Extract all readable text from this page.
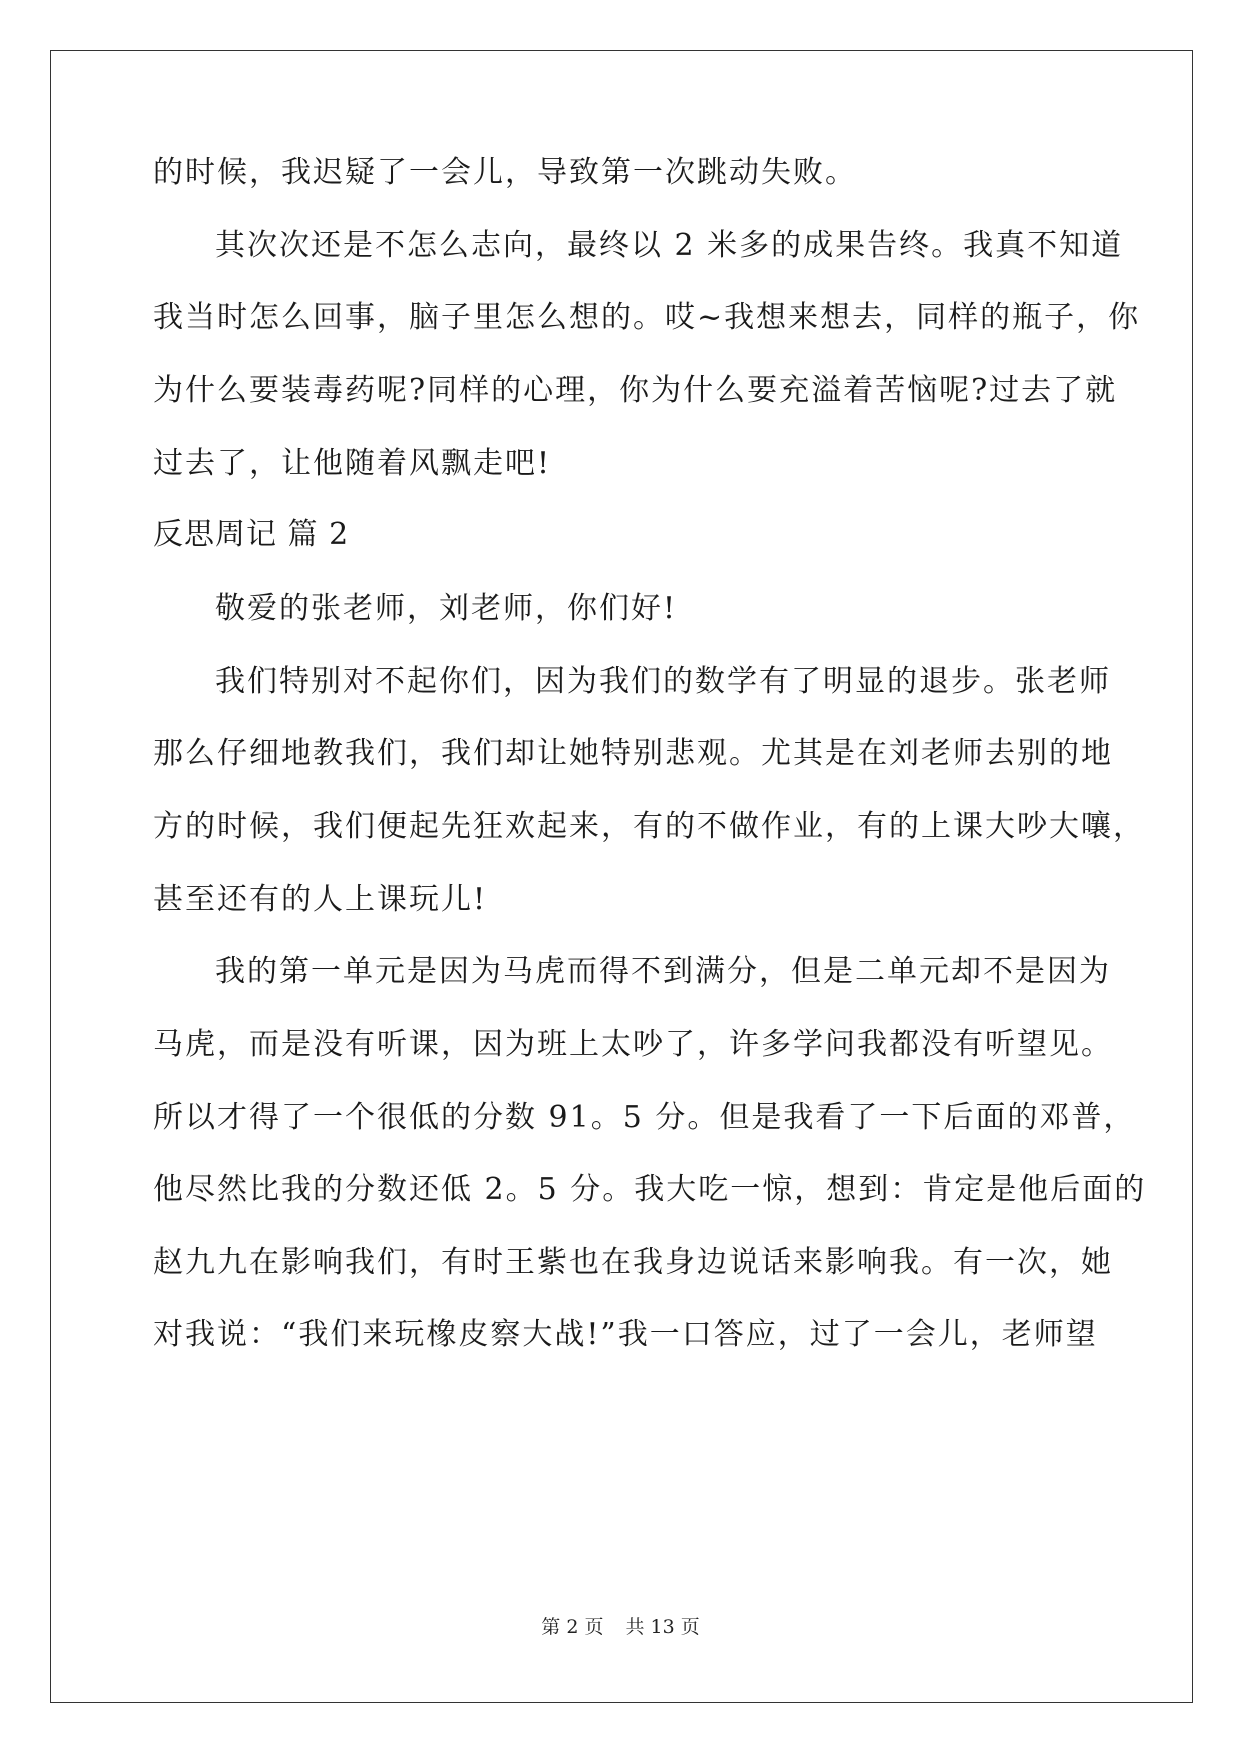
的时候，我迟疑了一会儿，导致第一次跳动失败。
其次次还是不怎么志向，最终以 2 米多的成果告终。我真不知道
我当时怎么回事，脑子里怎么想的。哎~我想来想去，同样的瓶子，你
为什么要装毒药呢?同样的心理，你为什么要充溢着苦恼呢?过去了就
过去了，让他随着风飘走吧!
反思周记 篇 2
敬爱的张老师，刘老师，你们好!
我们特别对不起你们，因为我们的数学有了明显的退步。张老师
那么仔细地教我们，我们却让她特别悲观。尤其是在刘老师去别的地
方的时候，我们便起先狂欢起来，有的不做作业，有的上课大吵大嚷，
甚至还有的人上课玩儿!
我的第一单元是因为马虎而得不到满分，但是二单元却不是因为
马虎，而是没有听课，因为班上太吵了，许多学问我都没有听望见。
所以才得了一个很低的分数 91。5 分。但是我看了一下后面的邓普，
他尽然比我的分数还低 2。5 分。我大吃一惊，想到：肯定是他后面的
赵九九在影响我们，有时王紫也在我身边说话来影响我。有一次，她
对我说：“我们来玩橡皮察大战!”我一口答应，过了一会儿，老师望
第 2 页 共 13 页
